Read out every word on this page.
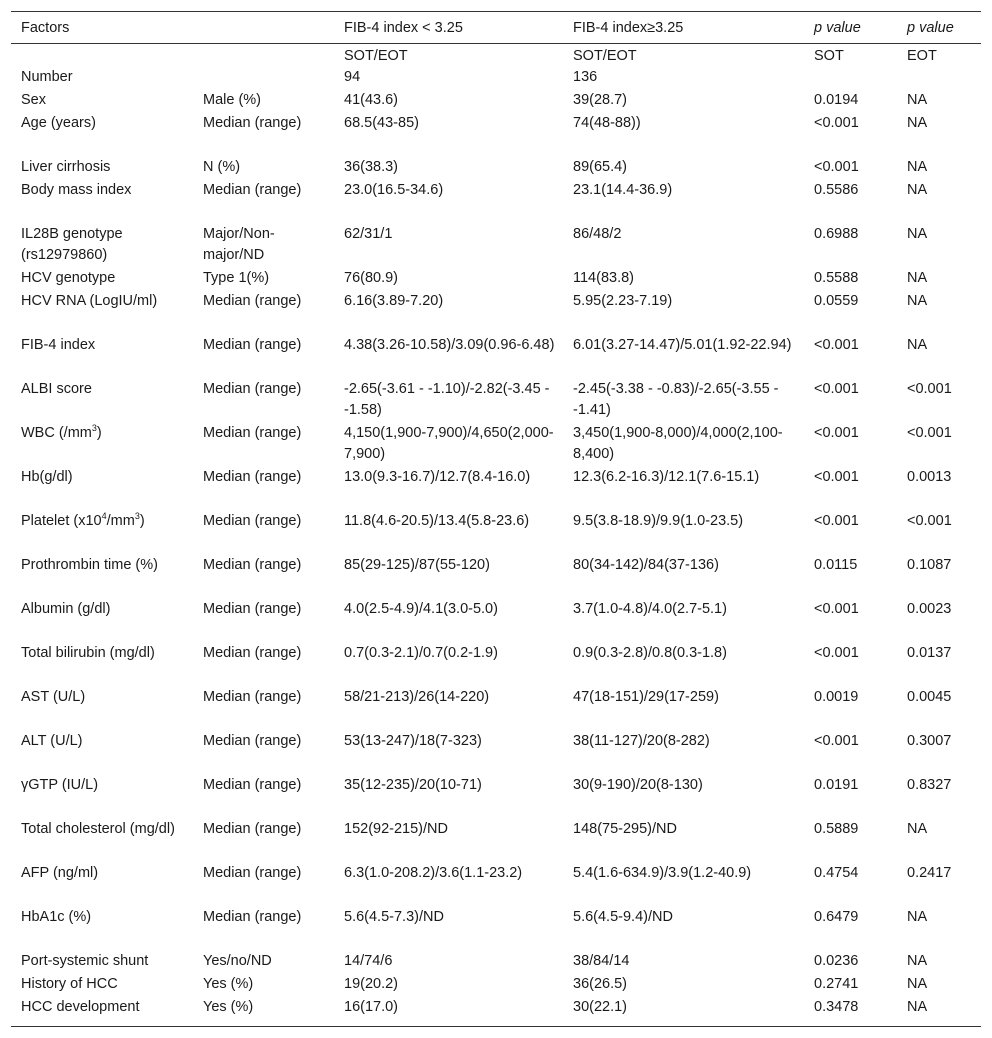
Factors		FIB-4 index < 3.25	FIB-4 index≥3.25	p value	p value
		SOT/EOT	SOT/EOT	SOT	EOT
Number		94	136		
Sex	Male (%)	41(43.6)	39(28.7)	0.0194	NA
Age (years)	Median (range)	68.5(43-85)	74(48-88))	<0.001	NA
Liver cirrhosis	N (%)	36(38.3)	89(65.4)	<0.001	NA
Body mass index	Median (range)	23.0(16.5-34.6)	23.1(14.4-36.9)	0.5586	NA
IL28B genotype (rs12979860)	Major/Non-major/ND	62/31/1	86/48/2	0.6988	NA
HCV genotype	Type 1(%)	76(80.9)	114(83.8)	0.5588	NA
HCV RNA (LogIU/ml)	Median (range)	6.16(3.89-7.20)	5.95(2.23-7.19)	0.0559	NA
FIB-4 index	Median (range)	4.38(3.26-10.58)/3.09(0.96-6.48)	6.01(3.27-14.47)/5.01(1.92-22.94)	<0.001	NA
ALBI score	Median (range)	-2.65(-3.61 - -1.10)/-2.82(-3.45 - -1.58)	-2.45(-3.38 - -0.83)/-2.65(-3.55 - -1.41)	<0.001	<0.001
WBC $(/mm^3)$	Median (range)	4,150(1,900-7,900)/4,650(2,000-7,900)	3,450(1,900-8,000)/4,000(2,100-8,400)	<0.001	<0.001
Hb(g/dl)	Median (range)	13.0(9.3-16.7)/12.7(8.4-16.0)	12.3(6.2-16.3)/12.1(7.6-15.1)	<0.001	0.0013
Platelet $(x10^4/mm^3)$	Median (range)	11.8(4.6-20.5)/13.4(5.8-23.6)	9.5(3.8-18.9)/9.9(1.0-23.5)	<0.001	<0.001
Prothrombin time (%)	Median (range)	85(29-125)/87(55-120)	80(34-142)/84(37-136)	0.0115	0.1087
Albumin (g/dl)	Median (range)	4.0(2.5-4.9)/4.1(3.0-5.0)	3.7(1.0-4.8)/4.0(2.7-5.1)	<0.001	0.0023
Total bilirubin (mg/dl)	Median (range)	0.7(0.3-2.1)/0.7(0.2-1.9)	0.9(0.3-2.8)/0.8(0.3-1.8)	<0.001	0.0137
AST (U/L)	Median (range)	58/21-213)/26(14-220)	47(18-151)/29(17-259)	0.0019	0.0045
ALT (U/L)	Median (range)	53(13-247)/18(7-323)	38(11-127)/20(8-282)	<0.001	0.3007
γGTP (IU/L)	Median (range)	35(12-235)/20(10-71)	30(9-190)/20(8-130)	0.0191	0.8327
Total cholesterol (mg/dl)	Median (range)	152(92-215)/ND	148(75-295)/ND	0.5889	NA
AFP (ng/ml)	Median (range)	6.3(1.0-208.2)/3.6(1.1-23.2)	5.4(1.6-634.9)/3.9(1.2-40.9)	0.4754	0.2417
HbA1c (%)	Median (range)	5.6(4.5-7.3)/ND	5.6(4.5-9.4)/ND	0.6479	NA
Port-systemic shunt	Yes/no/ND	14/74/6	38/84/14	0.0236	NA
History of HCC	Yes (%)	19(20.2)	36(26.5)	0.2741	NA
HCC development	Yes (%)	16(17.0)	30(22.1)	0.3478	NA
